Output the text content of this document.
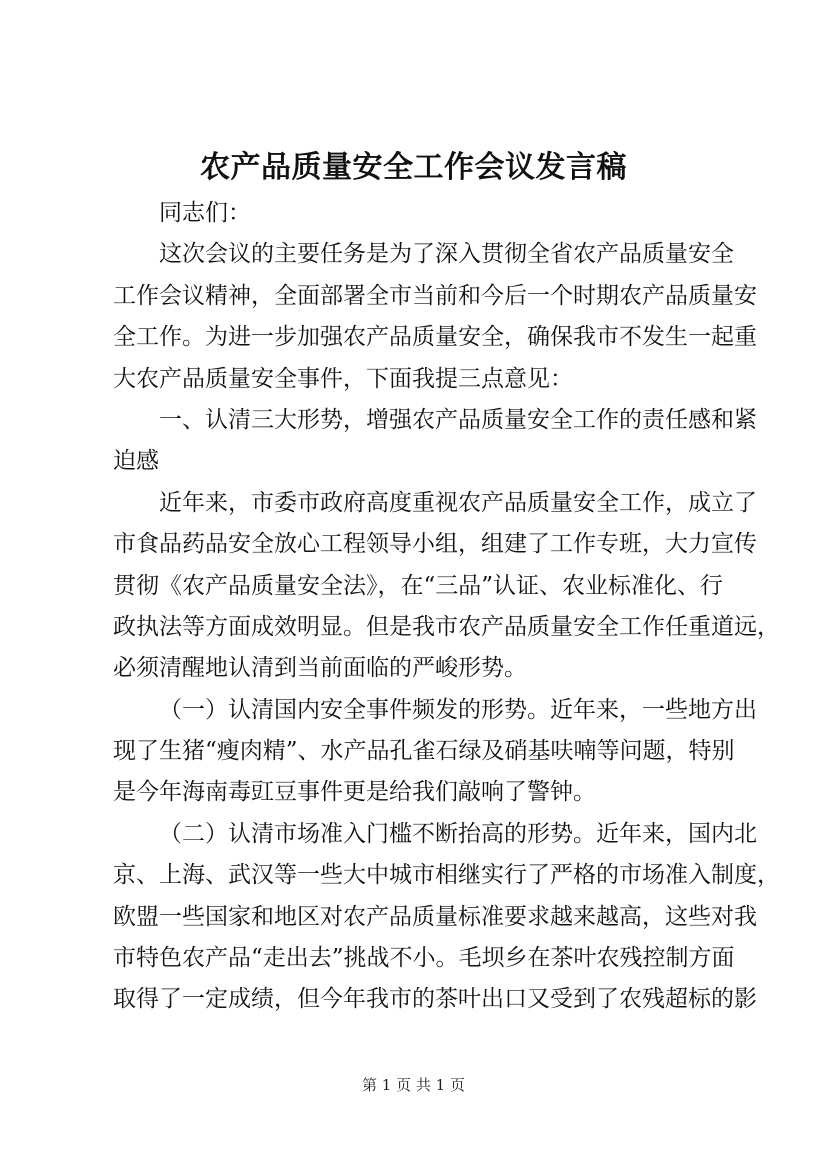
农产品质量安全工作会议发言稿
同志们：
这次会议的主要任务是为了深入贯彻全省农产品质量安全
工作会议精神，全面部署全市当前和今后一个时期农产品质量安
全工作。为进一步加强农产品质量安全，确保我市不发生一起重
大农产品质量安全事件，下面我提三点意见：
一、认清三大形势，增强农产品质量安全工作的责任感和紧
迫感
近年来，市委市政府高度重视农产品质量安全工作，成立了
市食品药品安全放心工程领导小组，组建了工作专班，大力宣传
贯彻《农产品质量安全法》，在“三品”认证、农业标准化、行
政执法等方面成效明显。但是我市农产品质量安全工作任重道远，
必须清醒地认清到当前面临的严峻形势。
（一）认清国内安全事件频发的形势。近年来，一些地方出
现了生猪“瘦肉精”、水产品孔雀石绿及硝基呋喃等问题，特别
是今年海南毒豇豆事件更是给我们敲响了警钟。
（二）认清市场准入门槛不断抬高的形势。近年来，国内北
京、上海、武汉等一些大中城市相继实行了严格的市场准入制度，
欧盟一些国家和地区对农产品质量标准要求越来越高，这些对我
市特色农产品“走出去”挑战不小。毛坝乡在茶叶农残控制方面
取得了一定成绩，但今年我市的茶叶出口又受到了农残超标的影
第 1 页 共 1 页
